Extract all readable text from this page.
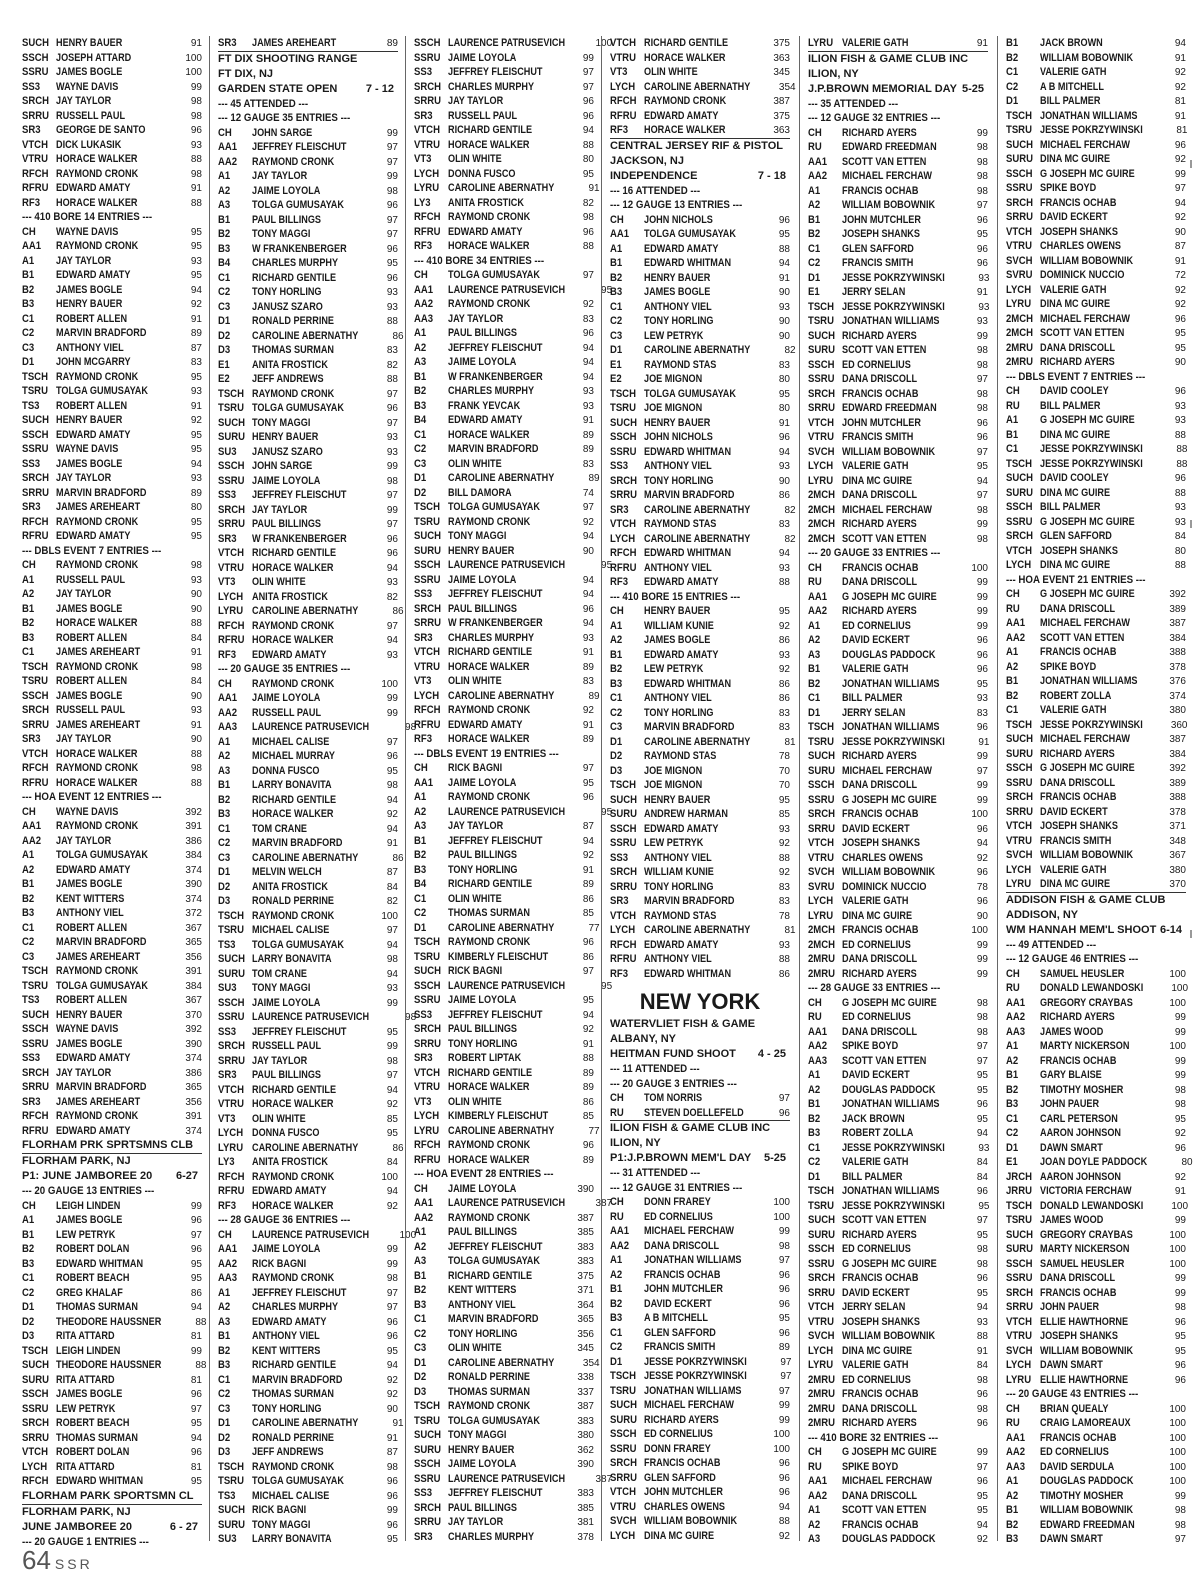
SUCH HENRY BAUER	91
SSCH JOSEPH ATTARD	100
SSRU JAMES BOGLE	100
SS3	WAYNE DAVIS	99
SRCH JAY TAYLOR	98
SRRU RUSSELL PAUL	98
SR3	GEORGE DE SANTO	96
VTCH DICK LUKASIK	93
VTRU HORACE WALKER	88
RFCH RAYMOND CRONK	98
RFRU EDWARD AMATY	91
RF3	HORACE WALKER	88
--- 410 BORE 14 ENTRIES ---
CH	WAYNE DAVIS	95
AA1	RAYMOND CRONK	95
A1	JAY TAYLOR	93
B1	EDWARD AMATY	95
B2	JAMES BOGLE	94
B3	HENRY BAUER	92
C1	ROBERT ALLEN	91
C2	MARVIN BRADFORD	89
C3	ANTHONY VIEL	87
D1	JOHN MCGARRY	83
TSCH RAYMOND CRONK	95
TSRU TOLGA GUMUSAYAK	93
TS3	ROBERT ALLEN	91
SUCH HENRY BAUER	92
SSCH EDWARD AMATY	95
SSRU WAYNE DAVIS	95
SS3	JAMES BOGLE	94
SRCH JAY TAYLOR	93
SRRU MARVIN BRADFORD	89
SR3	JAMES AREHEART	80
RFCH RAYMOND CRONK	95
RFRU EDWARD AMATY	95
--- DBLS EVENT 7 ENTRIES ---
CH	RAYMOND CRONK	98
A1	RUSSELL PAUL	93
A2	JAY TAYLOR	90
B1	JAMES BOGLE	90
B2	HORACE WALKER	88
B3	ROBERT ALLEN	84
C1	JAMES AREHEART	91
TSCH RAYMOND CRONK	98
TSRU ROBERT ALLEN	84
SSCH JAMES BOGLE	90
SRCH RUSSELL PAUL	93
SRRU JAMES AREHEART	91
SR3	JAY TAYLOR	90
VTCH HORACE WALKER	88
RFCH RAYMOND CRONK	98
RFRU HORACE WALKER	88
--- HOA EVENT 12 ENTRIES ---
CH	WAYNE DAVIS	392
AA1	RAYMOND CRONK	391
AA2	JAY TAYLOR	386
A1	TOLGA GUMUSAYAK	384
A2	EDWARD AMATY	374
B1	JAMES BOGLE	390
B2	KENT WITTERS	374
B3	ANTHONY VIEL	372
C1	ROBERT ALLEN	367
C2	MARVIN BRADFORD	365
C3	JAMES AREHEART	356
TSCH RAYMOND CRONK	391
TSRU TOLGA GUMUSAYAK	384
TS3	ROBERT ALLEN	367
SUCH HENRY BAUER	370
SSCH WAYNE DAVIS	392
SSRU JAMES BOGLE	390
SS3	EDWARD AMATY	374
SRCH JAY TAYLOR	386
SRRU MARVIN BRADFORD	365
SR3	JAMES AREHEART	356
RFCH RAYMOND CRONK	391
RFRU EDWARD AMATY	374
FLORHAM PRK SPRTSMNS CLB
FLORHAM PARK, NJ
P1: JUNE JAMBOREE 20 6-27
--- 20 GAUGE 13 ENTRIES ---
CH	LEIGH LINDEN	99
A1	JAMES BOGLE	96
B1	LEW PETRYK	97
B2	ROBERT DOLAN	96
B3	EDWARD WHITMAN	95
C1	ROBERT BEACH	95
C2	GREG KHALAF	86
D1	THOMAS SURMAN	94
D2	THEODORE HAUSSNER	88
D3	RITA ATTARD	81
TSCH LEIGH LINDEN	99
SUCH THEODORE HAUSSNER	88
SURU RITA ATTARD	81
SSCH JAMES BOGLE	96
SSRU LEW PETRYK	97
SRCH ROBERT BEACH	95
SRRU THOMAS SURMAN	94
VTCH ROBERT DOLAN	96
LYCH RITA ATTARD	81
RFCH EDWARD WHITMAN	95
FLORHAM PARK SPORTSMN CL
FLORHAM PARK, NJ
JUNE JAMBOREE 20	6 - 27
--- 20 GAUGE 1 ENTRIES ---
SR3	JAMES AREHEART	89
FT DIX SHOOTING RANGE
FT DIX, NJ
GARDEN STATE OPEN	7 - 12
--- 45 ATTENDED ---
--- 12 GAUGE 35 ENTRIES ---
CH	JOHN SARGE	99
AA1	JEFFREY FLEISCHUT	97
AA2	RAYMOND CRONK	97
A1	JAY TAYLOR	99
A2	JAIME LOYOLA	98
A3	TOLGA GUMUSAYAK	96
B1	PAUL BILLINGS	97
B2	TONY MAGGI	97
B3	W FRANKENBERGER	96
B4	CHARLES MURPHY	95
C1	RICHARD GENTILE	96
C2	TONY HORLING	93
C3	JANUSZ SZARO	93
D1	RONALD PERRINE	88
D2	CAROLINE ABERNATHY	86
D3	THOMAS SURMAN	83
E1	ANITA FROSTICK	82
E2	JEFF ANDREWS	88
TSCH RAYMOND CRONK	97
TSRU TOLGA GUMUSAYAK	96
SUCH TONY MAGGI	97
SURU HENRY BAUER	93
SU3	JANUSZ SZARO	93
SSCH JOHN SARGE	99
SSRU JAIME LOYOLA	98
SS3	JEFFREY FLEISCHUT	97
SRCH JAY TAYLOR	99
SRRU PAUL BILLINGS	97
SR3	W FRANKENBERGER	96
VTCH RICHARD GENTILE	96
VTRU HORACE WALKER	94
VT3	OLIN WHITE	93
LYCH ANITA FROSTICK	82
LYRU CAROLINE ABERNATHY	86
RFCH RAYMOND CRONK	97
RFRU HORACE WALKER	94
RF3	EDWARD AMATY	93
--- 20 GAUGE 35 ENTRIES ---
CH	RAYMOND CRONK	100
AA1	JAIME LOYOLA	99
AA2	RUSSELL PAUL	99
AA3	LAURENCE PATRUSEVICH	98
A1	MICHAEL CALISE	97
A2	MICHAEL MURRAY	96
A3	DONNA FUSCO	95
B1	LARRY BONAVITA	98
B2	RICHARD GENTILE	94
B3	HORACE WALKER	92
C1	TOM CRANE	94
C2	MARVIN BRADFORD	91
C3	CAROLINE ABERNATHY	86
D1	MELVIN WELCH	87
D2	ANITA FROSTICK	84
D3	RONALD PERRINE	82
TSCH RAYMOND CRONK	100
TSRU MICHAEL CALISE	97
TS3	TOLGA GUMUSAYAK	94
SUCH LARRY BONAVITA	98
SURU TOM CRANE	94
SU3	TONY MAGGI	93
SSCH JAIME LOYOLA	99
SSRU LAURENCE PATRUSEVICH	98
SS3	JEFFREY FLEISCHUT	95
SRCH RUSSELL PAUL	99
SRRU JAY TAYLOR	98
SR3	PAUL BILLINGS	97
VTCH RICHARD GENTILE	94
VTRU HORACE WALKER	92
VT3	OLIN WHITE	85
LYCH DONNA FUSCO	95
LYRU CAROLINE ABERNATHY	86
LY3	ANITA FROSTICK	84
RFCH RAYMOND CRONK	100
RFRU EDWARD AMATY	94
RF3	HORACE WALKER	92
--- 28 GAUGE 36 ENTRIES ---
CH	LAURENCE PATRUSEVICH	100
AA1	JAIME LOYOLA	99
AA2	RICK BAGNI	99
AA3	RAYMOND CRONK	98
A1	JEFFREY FLEISCHUT	97
A2	CHARLES MURPHY	97
A3	EDWARD AMATY	96
B1	ANTHONY VIEL	96
B2	KENT WITTERS	95
B3	RICHARD GENTILE	94
C1	MARVIN BRADFORD	92
C2	THOMAS SURMAN	92
C3	TONY HORLING	90
D1	CAROLINE ABERNATHY	91
D2	RONALD PERRINE	91
D3	JEFF ANDREWS	87
TSCH RAYMOND CRONK	98
TSRU TOLGA GUMUSAYAK	96
TS3	MICHAEL CALISE	96
SUCH RICK BAGNI	99
SURU TONY MAGGI	96
SU3	LARRY BONAVITA	95
SSCH LAURENCE PATRUSEVICH	100
SSRU JAIME LOYOLA	99
SS3	JEFFREY FLEISCHUT	97
SRCH CHARLES MURPHY	97
SRRU JAY TAYLOR	96
SR3	RUSSELL PAUL	96
VTCH RICHARD GENTILE	94
VTRU HORACE WALKER	88
VT3	OLIN WHITE	80
LYCH DONNA FUSCO	95
LYRU CAROLINE ABERNATHY	91
LY3	ANITA FROSTICK	82
RFCH RAYMOND CRONK	98
RFRU EDWARD AMATY	96
RF3	HORACE WALKER	88
--- 410 BORE 34 ENTRIES ---
CH	TOLGA GUMUSAYAK	97
AA1	LAURENCE PATRUSEVICH	95
AA2	RAYMOND CRONK	92
AA3	JAY TAYLOR	83
A1	PAUL BILLINGS	96
A2	JEFFREY FLEISCHUT	94
A3	JAIME LOYOLA	94
B1	W FRANKENBERGER	94
B2	CHARLES MURPHY	93
B3	FRANK YEVCAK	93
B4	EDWARD AMATY	91
C1	HORACE WALKER	89
C2	MARVIN BRADFORD	89
C3	OLIN WHITE	83
D1	CAROLINE ABERNATHY	89
D2	BILL DAMORA	74
TSCH TOLGA GUMUSAYAK	97
TSRU RAYMOND CRONK	92
SUCH TONY MAGGI	94
SURU HENRY BAUER	90
SSCH LAURENCE PATRUSEVICH	95
SSRU JAIME LOYOLA	94
SS3	JEFFREY FLEISCHUT	94
SRCH PAUL BILLINGS	96
SRRU W FRANKENBERGER	94
SR3	CHARLES MURPHY	93
VTCH RICHARD GENTILE	91
VTRU HORACE WALKER	89
VT3	OLIN WHITE	83
LYCH CAROLINE ABERNATHY	89
RFCH RAYMOND CRONK	92
RFRU EDWARD AMATY	91
RF3	HORACE WALKER	89
--- DBLS EVENT 19 ENTRIES ---
CH	RICK BAGNI	97
AA1	JAIME LOYOLA	95
A1	RAYMOND CRONK	96
A2	LAURENCE PATRUSEVICH	95
A3	JAY TAYLOR	87
B1	JEFFREY FLEISCHUT	94
B2	PAUL BILLINGS	92
B3	TONY HORLING	91
B4	RICHARD GENTILE	89
C1	OLIN WHITE	86
C2	THOMAS SURMAN	85
D1	CAROLINE ABERNATHY	77
TSCH RAYMOND CRONK	96
TSRU KIMBERLY FLEISCHUT	86
SUCH RICK BAGNI	97
SSCH LAURENCE PATRUSEVICH	95
SSRU JAIME LOYOLA	95
SS3	JEFFREY FLEISCHUT	94
SRCH PAUL BILLINGS	92
SRRU TONY HORLING	91
SR3	ROBERT LIPTAK	88
VTCH RICHARD GENTILE	89
VTRU HORACE WALKER	89
VT3	OLIN WHITE	86
LYCH KIMBERLY FLEISCHUT	85
LYRU CAROLINE ABERNATHY	77
RFCH RAYMOND CRONK	96
RFRU HORACE WALKER	89
--- HOA EVENT 28 ENTRIES ---
CH	JAIME LOYOLA	390
AA1	LAURENCE PATRUSEVICH	387
AA2	RAYMOND CRONK	387
A1	PAUL BILLINGS	385
A2	JEFFREY FLEISCHUT	383
A3	TOLGA GUMUSAYAK	383
B1	RICHARD GENTILE	375
B2	KENT WITTERS	371
B3	ANTHONY VIEL	364
C1	MARVIN BRADFORD	365
C2	TONY HORLING	356
C3	OLIN WHITE	345
D1	CAROLINE ABERNATHY	354
D2	RONALD PERRINE	338
D3	THOMAS SURMAN	337
TSCH RAYMOND CRONK	387
TSRU TOLGA GUMUSAYAK	383
SUCH TONY MAGGI	380
SURU HENRY BAUER	362
SSCH JAIME LOYOLA	390
SSRU LAURENCE PATRUSEVICH	387
SS3	JEFFREY FLEISCHUT	383
SRCH PAUL BILLINGS	385
SRRU JAY TAYLOR	381
SR3	CHARLES MURPHY	378
VTCH RICHARD GENTILE	375
VTRU HORACE WALKER	363
VT3	OLIN WHITE	345
LYCH CAROLINE ABERNATHY	354
RFCH RAYMOND CRONK	387
RFRU EDWARD AMATY	375
RF3	HORACE WALKER	363
CENTRAL JERSEY RIF & PISTOL
JACKSON, NJ
INDEPENDENCE	7 - 18
--- 16 ATTENDED ---
--- 12 GAUGE 13 ENTRIES ---
CH	JOHN NICHOLS	96
AA1	TOLGA GUMUSAYAK	95
A1	EDWARD AMATY	88
B1	EDWARD WHITMAN	94
B2	HENRY BAUER	91
B3	JAMES BOGLE	90
C1	ANTHONY VIEL	93
C2	TONY HORLING	90
C3	LEW PETRYK	90
D1	CAROLINE ABERNATHY	82
E1	RAYMOND STAS	83
E2	JOE MIGNON	80
TSCH TOLGA GUMUSAYAK	95
TSRU JOE MIGNON	80
SUCH HENRY BAUER	91
SSCH JOHN NICHOLS	96
SSRU EDWARD WHITMAN	94
SS3	ANTHONY VIEL	93
SRCH TONY HORLING	90
SRRU MARVIN BRADFORD	86
SR3	CAROLINE ABERNATHY	82
VTCH RAYMOND STAS	83
LYCH CAROLINE ABERNATHY	82
RFCH EDWARD WHITMAN	94
RFRU ANTHONY VIEL	93
RF3	EDWARD AMATY	88
--- 410 BORE 15 ENTRIES ---
CH	HENRY BAUER	95
A1	WILLIAM KUNIE	92
A2	JAMES BOGLE	86
B1	EDWARD AMATY	93
B2	LEW PETRYK	92
B3	EDWARD WHITMAN	86
C1	ANTHONY VIEL	86
C2	TONY HORLING	83
C3	MARVIN BRADFORD	83
D1	CAROLINE ABERNATHY	81
D2	RAYMOND STAS	78
D3	JOE MIGNON	70
TSCH JOE MIGNON	70
SUCH HENRY BAUER	95
SURU ANDREW HARMAN	85
SSCH EDWARD AMATY	93
SSRU LEW PETRYK	92
SS3	ANTHONY VIEL	88
SRCH WILLIAM KUNIE	92
SRRU TONY HORLING	83
SR3	MARVIN BRADFORD	83
VTCH RAYMOND STAS	78
LYCH CAROLINE ABERNATHY	81
RFCH EDWARD AMATY	93
RFRU ANTHONY VIEL	88
RF3	EDWARD WHITMAN	86
NEW YORK
WATERVLIET FISH & GAME
ALBANY, NY
HEITMAN FUND SHOOT 4 - 25
--- 11 ATTENDED ---
--- 20 GAUGE 3 ENTRIES ---
CH	TOM NORRIS	97
RU	STEVEN DOELLEFELD	96
ILION FISH & GAME CLUB INC
ILION, NY
P1:J.P.BROWN MEM'L DAY 5-25
--- 31 ATTENDED ---
--- 12 GAUGE 31 ENTRIES ---
CH	DONN FRAREY	100
RU	ED CORNELIUS	100
AA1	MICHAEL FERCHAW	99
AA2	DANA DRISCOLL	98
A1	JONATHAN WILLIAMS	97
A2	FRANCIS OCHAB	96
B1	JOHN MUTCHLER	96
B2	DAVID ECKERT	96
B3	A B MITCHELL	95
C1	GLEN SAFFORD	96
C2	FRANCIS SMITH	89
D1	JESSE POKRZYWINSKI	97
TSCH JESSE POKRZYWINSKI	97
TSRU JONATHAN WILLIAMS	97
SUCH MICHAEL FERCHAW	99
SURU RICHARD AYERS	99
SSCH ED CORNELIUS	100
SSRU DONN FRAREY	100
SRCH FRANCIS OCHAB	96
SRRU GLEN SAFFORD	96
VTCH JOHN MUTCHLER	96
VTRU CHARLES OWENS	94
SVCH WILLIAM BOBOWNIK	88
LYCH DINA MC GUIRE	92
LYRU VALERIE GATH	91
ILION FISH & GAME CLUB INC
ILION, NY
J.P.BROWN MEMORIAL DAY 5-25
--- 35 ATTENDED ---
--- 12 GAUGE 32 ENTRIES ---
CH	RICHARD AYERS	99
RU	EDWARD FREEDMAN	98
AA1	SCOTT VAN ETTEN	98
AA2	MICHAEL FERCHAW	98
A1	FRANCIS OCHAB	98
A2	WILLIAM BOBOWNIK	97
B1	JOHN MUTCHLER	96
B2	JOSEPH SHANKS	95
C1	GLEN SAFFORD	96
C2	FRANCIS SMITH	96
D1	JESSE POKRZYWINSKI	93
E1	JERRY SELAN	91
TSCH JESSE POKRZYWINSKI	93
TSRU JONATHAN WILLIAMS	93
SUCH RICHARD AYERS	99
SURU SCOTT VAN ETTEN	98
SSCH ED CORNELIUS	98
SSRU DANA DRISCOLL	97
SRCH FRANCIS OCHAB	98
SRRU EDWARD FREEDMAN	98
VTCH JOHN MUTCHLER	96
VTRU FRANCIS SMITH	96
SVCH WILLIAM BOBOWNIK	97
LYCH VALERIE GATH	95
LYRU DINA MC GUIRE	94
2MCH DANA DRISCOLL	97
2MCH MICHAEL FERCHAW	98
2MCH RICHARD AYERS	99
2MCH SCOTT VAN ETTEN	98
--- 20 GAUGE 33 ENTRIES ---
CH	FRANCIS OCHAB	100
RU	DANA DRISCOLL	99
AA1	G JOSEPH MC GUIRE	99
AA2	RICHARD AYERS	99
A1	ED CORNELIUS	99
A2	DAVID ECKERT	96
A3	DOUGLAS PADDOCK	96
B1	VALERIE GATH	96
B2	JONATHAN WILLIAMS	95
C1	BILL PALMER	93
D1	JERRY SELAN	83
TSCH JONATHAN WILLIAMS	96
TSRU JESSE POKRZYWINSKI	91
SUCH RICHARD AYERS	99
SURU MICHAEL FERCHAW	97
SSCH DANA DRISCOLL	99
SSRU G JOSEPH MC GUIRE	99
SRCH FRANCIS OCHAB	100
SRRU DAVID ECKERT	96
VTCH JOSEPH SHANKS	94
VTRU CHARLES OWENS	92
SVCH WILLIAM BOBOWNIK	96
SVRU DOMINICK NUCCIO	78
LYCH VALERIE GATH	96
LYRU DINA MC GUIRE	90
2MCH FRANCIS OCHAB	100
2MCH ED CORNELIUS	99
2MRU DANA DRISCOLL	99
2MRU RICHARD AYERS	99
--- 28 GAUGE 33 ENTRIES ---
CH	G JOSEPH MC GUIRE	98
RU	ED CORNELIUS	98
AA1	DANA DRISCOLL	98
AA2	SPIKE BOYD	97
AA3	SCOTT VAN ETTEN	97
A1	DAVID ECKERT	95
A2	DOUGLAS PADDOCK	95
B1	JONATHAN WILLIAMS	96
B2	JACK BROWN	95
B3	ROBERT ZOLLA	94
C1	JESSE POKRZYWINSKI	93
C2	VALERIE GATH	84
D1	BILL PALMER	84
TSCH JONATHAN WILLIAMS	96
TSRU JESSE POKRZYWINSKI	95
SUCH SCOTT VAN ETTEN	97
SURU RICHARD AYERS	95
SSCH ED CORNELIUS	98
SSRU G JOSEPH MC GUIRE	98
SRCH FRANCIS OCHAB	96
SRRU DAVID ECKERT	95
VTCH JERRY SELAN	94
VTRU JOSEPH SHANKS	93
SVCH WILLIAM BOBOWNIK	88
LYCH DINA MC GUIRE	91
LYRU VALERIE GATH	84
2MRU ED CORNELIUS	98
2MRU FRANCIS OCHAB	96
2MRU DANA DRISCOLL	98
2MRU RICHARD AYERS	96
--- 410 BORE 32 ENTRIES ---
CH	G JOSEPH MC GUIRE	99
RU	SPIKE BOYD	97
AA1	MICHAEL FERCHAW	96
AA2	DANA DRISCOLL	95
A1	SCOTT VAN ETTEN	95
A2	FRANCIS OCHAB	94
A3	DOUGLAS PADDOCK	92
B1	JACK BROWN	94
B2	WILLIAM BOBOWNIK	91
C1	VALERIE GATH	92
C2	A B MITCHELL	92
D1	BILL PALMER	81
TSCH JONATHAN WILLIAMS	91
TSRU JESSE POKRZYWINSKI	81
SUCH MICHAEL FERCHAW	96
SURU DINA MC GUIRE	92
SSCH G JOSEPH MC GUIRE	99
SSRU SPIKE BOYD	97
SRCH FRANCIS OCHAB	94
SRRU DAVID ECKERT	92
VTCH JOSEPH SHANKS	90
VTRU CHARLES OWENS	87
SVCH WILLIAM BOBOWNIK	91
SVRU DOMINICK NUCCIO	72
LYCH VALERIE GATH	92
LYRU DINA MC GUIRE	92
2MCH MICHAEL FERCHAW	96
2MCH SCOTT VAN ETTEN	95
2MRU DANA DRISCOLL	95
2MRU RICHARD AYERS	90
--- DBLS EVENT 7 ENTRIES ---
CH	DAVID COOLEY	96
RU	BILL PALMER	93
A1	G JOSEPH MC GUIRE	93
B1	DINA MC GUIRE	88
C1	JESSE POKRZYWINSKI	88
TSCH JESSE POKRZYWINSKI	88
SUCH DAVID COOLEY	96
SURU DINA MC GUIRE	88
SSCH BILL PALMER	93
SSRU G JOSEPH MC GUIRE	93
SRCH GLEN SAFFORD	84
VTCH JOSEPH SHANKS	80
LYCH DINA MC GUIRE	88
--- HOA EVENT 21 ENTRIES ---
CH	G JOSEPH MC GUIRE	392
RU	DANA DRISCOLL	389
AA1	MICHAEL FERCHAW	387
AA2	SCOTT VAN ETTEN	384
A1	FRANCIS OCHAB	388
A2	SPIKE BOYD	378
B1	JONATHAN WILLIAMS	376
B2	ROBERT ZOLLA	374
C1	VALERIE GATH	380
TSCH JESSE POKRZYWINSKI	360
SUCH MICHAEL FERCHAW	387
SURU RICHARD AYERS	384
SSCH G JOSEPH MC GUIRE	392
SSRU DANA DRISCOLL	389
SRCH FRANCIS OCHAB	388
SRRU DAVID ECKERT	378
VTCH JOSEPH SHANKS	371
VTRU FRANCIS SMITH	348
SVCH WILLIAM BOBOWNIK	367
LYCH VALERIE GATH	380
LYRU DINA MC GUIRE	370
ADDISON FISH & GAME CLUB
ADDISON, NY
WM HANNAH MEM'L SHOOT 6-14
--- 49 ATTENDED ---
--- 12 GAUGE 46 ENTRIES ---
CH	SAMUEL HEUSLER	100
RU	DONALD LEWANDOSKI	100
AA1	GREGORY CRAYBAS	100
AA2	RICHARD AYERS	99
AA3	JAMES WOOD	99
A1	MARTY NICKERSON	100
A2	FRANCIS OCHAB	99
B1	GARY BLAISE	99
B2	TIMOTHY MOSHER	98
B3	JOHN PAUER	98
C1	CARL PETERSON	95
C2	AARON JOHNSON	92
D1	DAWN SMART	96
E1	JOAN DOYLE PADDOCK	80
JRCH AARON JOHNSON	92
JRRU VICTORIA FERCHAW	91
TSCH DONALD LEWANDOSKI	100
TSRU JAMES WOOD	99
SUCH GREGORY CRAYBAS	100
SURU MARTY NICKERSON	100
SSCH SAMUEL HEUSLER	100
SSRU DANA DRISCOLL	99
SRCH FRANCIS OCHAB	99
SRRU JOHN PAUER	98
VTCH ELLIE HAWTHORNE	96
VTRU JOSEPH SHANKS	95
SVCH WILLIAM BOBOWNIK	95
LYCH DAWN SMART	96
LYRU ELLIE HAWTHORNE	96
--- 20 GAUGE 43 ENTRIES ---
CH	BRIAN QUEALY	100
RU	CRAIG LAMOREAUX	100
AA1	FRANCIS OCHAB	100
AA2	ED CORNELIUS	100
AA3	DAVID SERDULA	100
A1	DOUGLAS PADDOCK	100
A2	TIMOTHY MOSHER	99
B1	WILLIAM BOBOWNIK	98
B2	EDWARD FREEDMAN	98
B3	DAWN SMART	97
64 SSR
